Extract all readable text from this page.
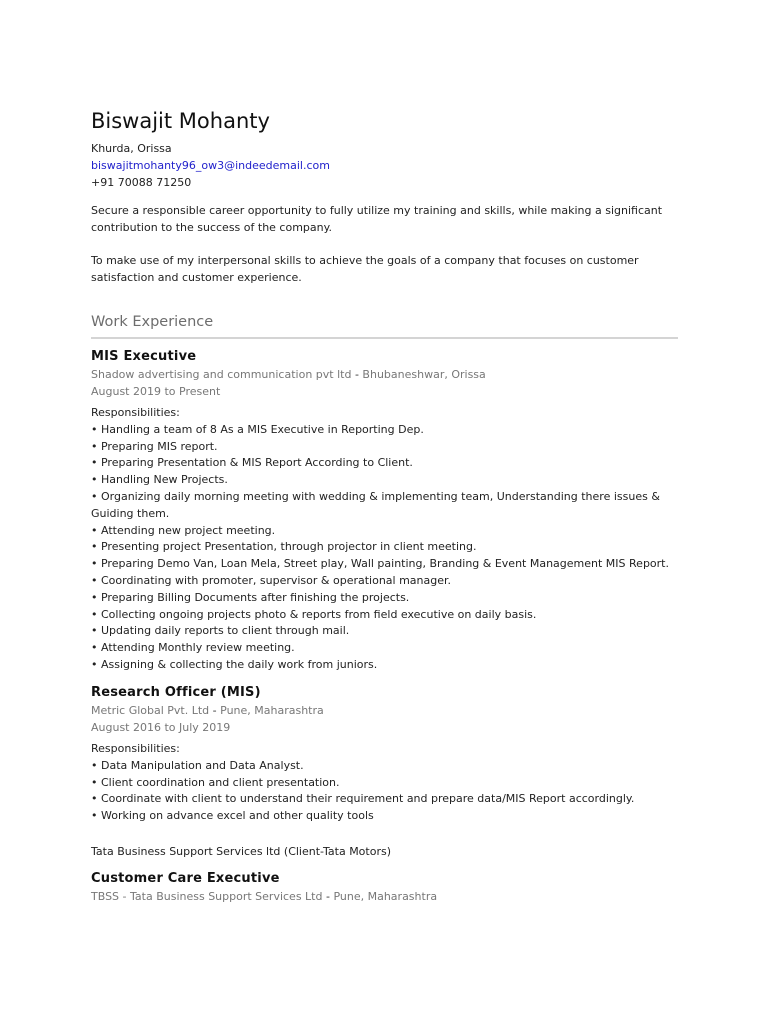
Biswajit Mohanty
Khurda, Orissa
biswajitmohanty96_ow3@indeedemail.com
+91 70088 71250
Secure a responsible career opportunity to fully utilize my training and skills, while making a significant contribution to the success of the company.
To make use of my interpersonal skills to achieve the goals of a company that focuses on customer satisfaction and customer experience.
Work Experience
MIS Executive
Shadow advertising and communication pvt ltd - Bhubaneshwar, Orissa
August 2019 to Present
Responsibilities:
• Handling a team of 8 As a MIS Executive in Reporting Dep.
• Preparing MIS report.
• Preparing Presentation & MIS Report According to Client.
• Handling New Projects.
• Organizing daily morning meeting with wedding & implementing team, Understanding there issues & Guiding them.
• Attending new project meeting.
• Presenting project Presentation, through projector in client meeting.
• Preparing Demo Van, Loan Mela, Street play, Wall painting, Branding & Event Management MIS Report.
• Coordinating with promoter, supervisor & operational manager.
• Preparing Billing Documents after finishing the projects.
• Collecting ongoing projects photo & reports from field executive on daily basis.
• Updating daily reports to client through mail.
• Attending Monthly review meeting.
• Assigning & collecting the daily work from juniors.
Research Officer (MIS)
Metric Global Pvt. Ltd - Pune, Maharashtra
August 2016 to July 2019
Responsibilities:
• Data Manipulation and Data Analyst.
• Client coordination and client presentation.
• Coordinate with client to understand their requirement and prepare data/MIS Report accordingly.
• Working on advance excel and other quality tools
Tata Business Support Services ltd (Client-Tata Motors)
Customer Care Executive
TBSS - Tata Business Support Services Ltd - Pune, Maharashtra
